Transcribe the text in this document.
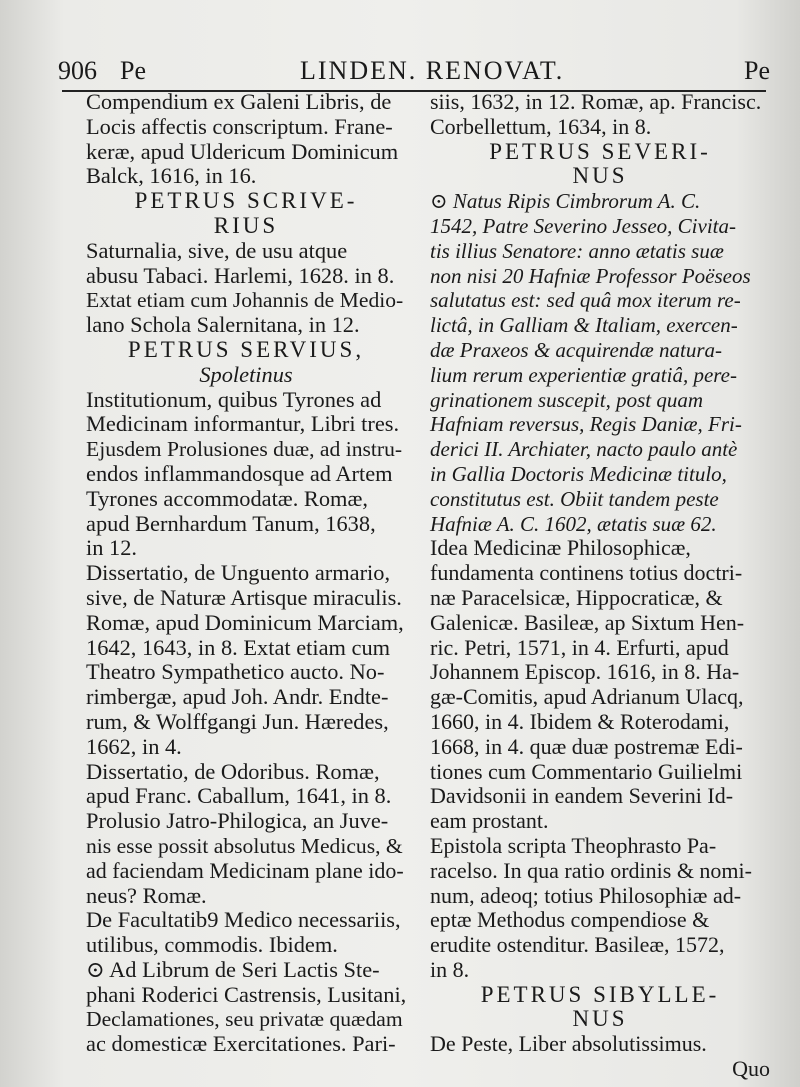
906 Pe	LINDEN. RENOVAT.	Pe
Compendium ex Galeni Libris, de
Locis affectis conscriptum. Frane-
keræ, apud Uldericum Dominicum
Balck, 1616, in 16.
PETRUS SCRIVE-
RIUS
Saturnalia, sive, de usu atque
abusu Tabaci. Harlemi, 1628. in 8.
Extat etiam cum Johannis de Medio-
lano Schola Salernitana, in 12.
PETRUS SERVIUS,
Spoletinus
Institutionum, quibus Tyrones ad
Medicinam informantur, Libri tres.
Ejusdem Prolusiones duæ, ad instru-
endos inflammandosque ad Artem
Tyrones accommodatæ. Romæ,
apud Bernhardum Tanum, 1638,
in 12.
Dissertatio, de Unguento armario,
sive, de Naturæ Artisque miraculis.
Romæ, apud Dominicum Marciam,
1642, 1643, in 8. Extat etiam cum
Theatro Sympathetico aucto. No-
rimbergæ, apud Joh. Andr. Endte-
rum, & Wolffgangi Jun. Hæredes,
1662, in 4.
Dissertatio, de Odoribus. Romæ,
apud Franc. Caballum, 1641, in 8.
Prolusio Jatro-Philogica, an Juve-
nis esse possit absolutus Medicus, &
ad faciendam Medicinam plane ido-
neus? Romæ.
De Facultatib9 Medico necessariis,
utilibus, commodis. Ibidem.
⊙ Ad Librum de Seri Lactis Ste-
phani Roderici Castrensis, Lusitani,
Declamationes, seu privatæ quædam
ac domesticæ Exercitationes. Pari-
siis, 1632, in 12. Romæ, ap. Francisc.
Corbellettum, 1634, in 8.
PETRUS SEVERI-
NUS
⊙ Natus Ripis Cimbrorum A. C.
1542, Patre Severino Jesseo, Civita-
tis illius Senatore: anno ætatis suæ
non nisi 20 Hafniæ Professor Poëseos
salutatus est: sed quâ mox iterum re-
lictâ, in Galliam & Italiam, exercen-
dæ Praxeos & acquirendæ natura-
lium rerum experientiæ gratiâ, pere-
grinationem suscepit, post quam
Hafniam reversus, Regis Daniæ, Fri-
derici II. Archiater, nacto paulo antè
in Gallia Doctoris Medicinæ titulo,
constitutus est. Obiit tandem peste
Hafniæ A. C. 1602, ætatis suæ 62.
Idea Medicinæ Philosophicæ,
fundamenta continens totius doctri-
næ Paracelsicæ, Hippocraticæ, &
Galenicæ. Basileæ, ap Sixtum Hen-
ric. Petri, 1571, in 4. Erfurti, apud
Johannem Episcop. 1616, in 8. Ha-
gæ-Comitis, apud Adrianum Ulacq,
1660, in 4. Ibidem & Roterodami,
1668, in 4. quæ duæ postremæ Edi-
tiones cum Commentario Guilielmi
Davidsonii in eandem Severini Id-
eam prostant.
Epistola scripta Theophrasto Pa-
racelso. In qua ratio ordinis & nomi-
num, adeoq; totius Philosophiæ ad-
eptæ Methodus compendiose &
erudite ostenditur. Basileæ, 1572,
in 8.
PETRUS SIBYLLE-
NUS
De Peste, Liber absolutissimus.
Quo
